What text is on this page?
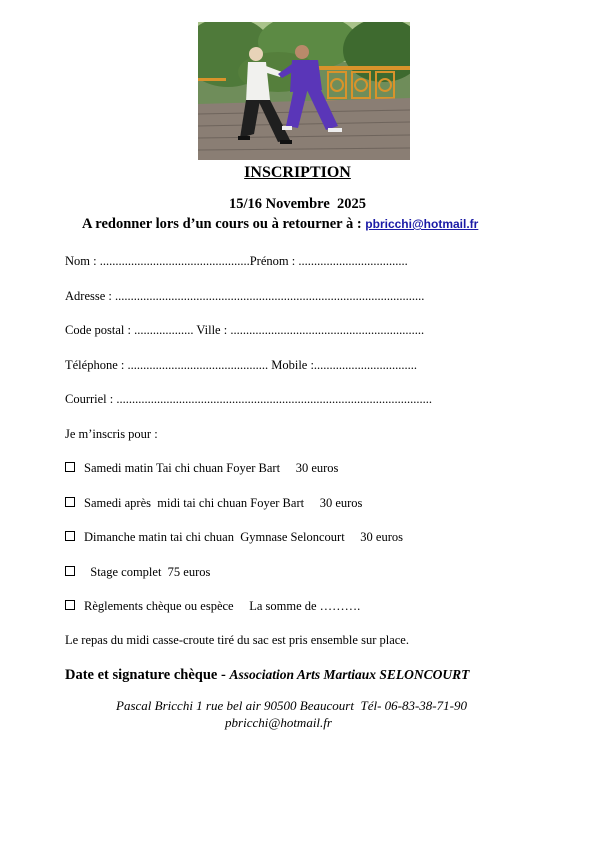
INSCRIPTION
15/16 Novembre  2025
A redonner lors d’un cours ou à retourner à : pbricchi@hotmail.fr
Nom : ................................................Prénom : ...................................
Adresse : ...................................................................................................
Code postal : ................... Ville : ..............................................................
Téléphone : ............................................. Mobile :.................................
Courriel : .....................................................................................................
Je m’inscris pour :
Samedi matin Tai chi chuan Foyer Bart     30 euros
Samedi après  midi tai chi chuan Foyer Bart     30 euros
Dimanche matin tai chi chuan  Gymnase Seloncourt     30 euros
Stage complet  75 euros
Règlements chèque ou espèce     La somme de ……….
Le repas du midi casse-croute tiré du sac est pris ensemble sur place.
Date et signature chèque - Association Arts Martiaux SELONCOURT
Pascal Bricchi 1 rue bel air 90500 Beaucourt  Tél- 06-83-38-71-90
pbricchi@hotmail.fr
